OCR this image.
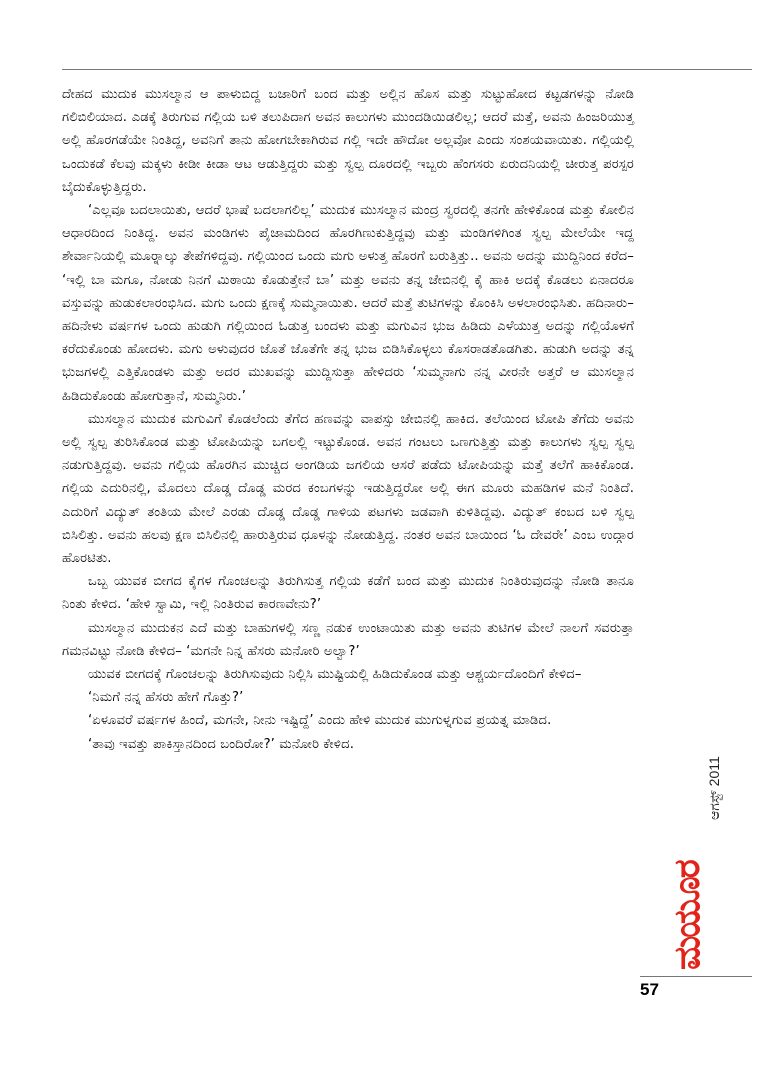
ದೇಹದ ಮುದುಕ ಮುಸಲ್ಮಾನ ಆ ಪಾಳುಬಿದ್ದ ಬಜಾರಿಗೆ ಬಂದ ಮತ್ತು ಅಲ್ಲಿನ ಹೊಸ ಮತ್ತು ಸುಟ್ಟುಹೋದ ಕಟ್ಟಡಗಳನ್ನು ನೋಡಿ ಗಲಿಬಿಲಿಯಾದ. ಎಡಕ್ಕೆ ತಿರುಗುವ ಗಲ್ಲಿಯ ಬಳಿ ತಲುಪಿದಾಗ ಅವನ ಕಾಲುಗಳು ಮುಂದಡಿಯಿಡಲಿಲ್ಲ; ಆದರೆ ಮತ್ತೆ, ಅವನು ಹಿಂಜರಿಯುತ್ತ ಅಲ್ಲಿ ಹೊರಗಡೆಯೇ ನಿಂತಿದ್ದ, ಅವನಿಗೆ ತಾನು ಹೋಗಬೇಕಾಗಿರುವ ಗಲ್ಲಿ ಇದೇ ಹೌದೋ ಅಲ್ಲವೋ ಎಂದು ಸಂಶಯವಾಯಿತು. ಗಲ್ಲಿಯಲ್ಲಿ ಒಂದುಕಡೆ ಕೆಲವು ಮಕ್ಕಳು ಕೀಡೀ ಕೀಡಾ ಆಟ ಆಡುತ್ತಿದ್ದರು ಮತ್ತು ಸ್ವಲ್ಪ ದೂರದಲ್ಲಿ ಇಬ್ಬರು ಹೆಂಗಸರು ಏರುದನಿಯಲ್ಲಿ ಚೀರುತ್ತ ಪರಸ್ಪರ ಬೈದುಕೊಳ್ಳುತ್ತಿದ್ದರು.

‘ಎಲ್ಲವೂ ಬದಲಾಯಿತು, ಆದರೆ ಭಾಷೆ ಬದಲಾಗಲಿಲ್ಲ’ ಮುದುಕ ಮುಸಲ್ಮಾನ ಮಂದ್ರ ಸ್ವರದಲ್ಲಿ ತನಗೇ ಹೇಳಿಕೊಂಡ ಮತ್ತು ಕೋಲಿನ ಆಧಾರದಿಂದ ನಿಂತಿದ್ದ. ಅವನ ಮಂಡಿಗಳು ಪೈಜಾಮದಿಂದ ಹೊರಗಿಣುಕುತ್ತಿದ್ದವು ಮತ್ತು ಮಂಡಿಗಳಿಗಿಂತ ಸ್ವಲ್ಪ ಮೇಲೆಯೇ ಇದ್ದ ಶೇರ್ವಾನಿಯಲ್ಲಿ ಮೂರ್‍ನಾಲ್ಕು ತೇಪೆಗಳಿದ್ದವು. ಗಲ್ಲಿಯಿಂದ ಒಂದು ಮಗು ಅಳುತ್ತ ಹೊರಗೆ ಬರುತ್ತಿತ್ತು.. ಅವನು ಅದನ್ನು ಮುದ್ದಿನಿಂದ ಕರೆದ– ‘ಇಲ್ಲಿ ಬಾ ಮಗೂ, ನೋಡು ನಿನಗೆ ಮಿಠಾಯಿ ಕೊಡುತ್ತೇನೆ ಬಾ’ ಮತ್ತು ಅವನು ತನ್ನ ಜೇಬಿನಲ್ಲಿ ಕೈ ಹಾಕಿ ಅದಕ್ಕೆ ಕೊಡಲು ಏನಾದರೂ ವಸ್ತುವನ್ನು ಹುಡುಕಲಾರಂಭಿಸಿದ. ಮಗು ಒಂದು ಕ್ಷಣಕ್ಕೆ ಸುಮ್ಮನಾಯಿತು. ಆದರೆ ಮತ್ತೆ ತುಟಿಗಳನ್ನು ಕೊಂಕಿಸಿ ಅಳಲಾರಂಭಿಸಿತು. ಹದಿನಾರು–ಹದಿನೇಳು ವರ್ಷಗಳ ಒಂದು ಹುಡುಗಿ ಗಲ್ಲಿಯಿಂದ ಓಡುತ್ತ ಬಂದಳು ಮತ್ತು ಮಗುವಿನ ಭುಜ ಹಿಡಿದು ಎಳೆಯುತ್ತ ಅದನ್ನು ಗಲ್ಲಿಯೊಳಗೆ ಕರೆದುಕೊಂಡು ಹೋದಳು. ಮಗು ಅಳುವುದರ ಜೊತೆ ಜೊತೆಗೇ ತನ್ನ ಭುಜ ಬಿಡಿಸಿಕೊಳ್ಳಲು ಕೊಸರಾಡತೊಡಗಿತು. ಹುಡುಗಿ ಅದನ್ನು ತನ್ನ ಭುಜಗಳಲ್ಲಿ ಎತ್ತಿಕೊಂಡಳು ಮತ್ತು ಅದರ ಮುಖವನ್ನು ಮುದ್ದಿಸುತ್ತಾ ಹೇಳಿದರು ‘ಸುಮ್ಮನಾಗು ನನ್ನ ವೀರನೇ ಅತ್ತರೆ ಆ ಮುಸಲ್ಮಾನ ಹಿಡಿದುಕೊಂಡು ಹೋಗುತ್ತಾನೆ, ಸುಮ್ಮನಿರು.’

ಮುಸಲ್ಮಾನ ಮುದುಕ ಮಗುವಿಗೆ ಕೊಡಲೆಂದು ತೆಗೆದ ಹಣವನ್ನು ವಾಪಸ್ಸು ಜೇಬಿನಲ್ಲಿ ಹಾಕಿದ. ತಲೆಯಿಂದ ಟೋಪಿ ತೆಗೆದು ಅವನು ಅಲ್ಲಿ ಸ್ವಲ್ಪ ತುರಿಸಿಕೊಂಡ ಮತ್ತು ಟೋಪಿಯನ್ನು ಬಗಲಲ್ಲಿ ಇಟ್ಟುಕೊಂಡ. ಅವನ ಗಂಟಲು ಒಣಗುತ್ತಿತ್ತು ಮತ್ತು ಕಾಲುಗಳು ಸ್ವಲ್ಪ ಸ್ವಲ್ಪ ನಡುಗುತ್ತಿದ್ದವು. ಅವನು ಗಲ್ಲಿಯ ಹೊರಗಿನ ಮುಚ್ಚಿದ ಅಂಗಡಿಯ ಜಗಲಿಯ ಆಸರೆ ಪಡೆದು ಟೋಪಿಯನ್ನು ಮತ್ತೆ ತಲೆಗೆ ಹಾಕಿಕೊಂಡ. ಗಲ್ಲಿಯ ಎದುರಿನಲ್ಲಿ, ಮೊದಲು ದೊಡ್ಡ ದೊಡ್ಡ ಮರದ ಕಂಬಗಳನ್ನು ಇಡುತ್ತಿದ್ದರೋ ಅಲ್ಲಿ ಈಗ ಮೂರು ಮಹಡಿಗಳ ಮನೆ ನಿಂತಿದೆ. ಎದುರಿಗೆ ವಿದ್ಯುತ್ ತಂತಿಯ ಮೇಲೆ ಎರಡು ದೊಡ್ಡ ದೊಡ್ಡ ಗಾಳಿಯ ಪಟಗಳು ಜಡವಾಗಿ ಕುಳಿತಿದ್ದವು. ವಿದ್ಯುತ್ ಕಂಬದ ಬಳಿ ಸ್ವಲ್ಪ ಬಿಸಿಲಿತ್ತು. ಅವನು ಹಲವು ಕ್ಷಣ ಬಿಸಿಲಿನಲ್ಲಿ ಹಾರುತ್ತಿರುವ ಧೂಳನ್ನು ನೋಡುತ್ತಿದ್ದ. ನಂತರ ಅವನ ಬಾಯಿಂದ ‘ಓ ದೇವರೇ’ ಎಂಬ ಉದ್ಗಾರ ಹೊರಟಿತು.

ಒಬ್ಬ ಯುವಕ ಬೀಗದ ಕೈಗಳ ಗೊಂಚಲನ್ನು ತಿರುಗಿಸುತ್ತ ಗಲ್ಲಿಯ ಕಡೆಗೆ ಬಂದ ಮತ್ತು ಮುದುಕ ನಿಂತಿರುವುದನ್ನು ನೋಡಿ ತಾನೂ ನಿಂತು ಕೇಳಿದ. ‘ಹೇಳಿ ಸ್ವಾಮಿ, ಇಲ್ಲಿ ನಿಂತಿರುವ ಕಾರಣವೇನು?’

ಮುಸಲ್ಮಾನ ಮುದುಕನ ಎದೆ ಮತ್ತು ಬಾಹುಗಳಲ್ಲಿ ಸಣ್ಣ ನಡುಕ ಉಂಟಾಯಿತು ಮತ್ತು ಅವನು ತುಟಿಗಳ ಮೇಲೆ ನಾಲಗೆ ಸವರುತ್ತಾ ಗಮನವಿಟ್ಟು ನೋಡಿ ಕೇಳಿದ– ‘ಮಗನೇ ನಿನ್ನ ಹೆಸರು ಮನೋರಿ ಅಲ್ವಾ?’

ಯುವಕ ಬೀಗದಕ್ಕೆ ಗೊಂಚಲನ್ನು ತಿರುಗಿಸುವುದು ನಿಲ್ಲಿಸಿ ಮುಷ್ಟಿಯಲ್ಲಿ ಹಿಡಿದುಕೊಂಡ ಮತ್ತು ಆಶ್ಚರ್ಯದೊಂದಿಗೆ ಕೇಳಿದ–

‘ನಿಮಗೆ ನನ್ನ ಹೆಸರು ಹೇಗೆ ಗೊತ್ತು?’

‘ಏಳೂವರೆ ವರ್ಷಗಳ ಹಿಂದೆ, ಮಗನೇ, ನೀನು ಇಷ್ಟಿದ್ದೆ’ ಎಂದು ಹೇಳಿ ಮುದುಕ ಮುಗುಳ್ನಗುವ ಪ್ರಯತ್ನ ಮಾಡಿದ.

‘ತಾವು ಇವತ್ತು ಪಾಕಿಸ್ತಾನದಿಂದ ಬಂದಿರೋ?’ ಮನೋರಿ ಕೇಳಿದ.

ಆಗಸ್ಟ್ 2011
ಮಯೂರ
57
